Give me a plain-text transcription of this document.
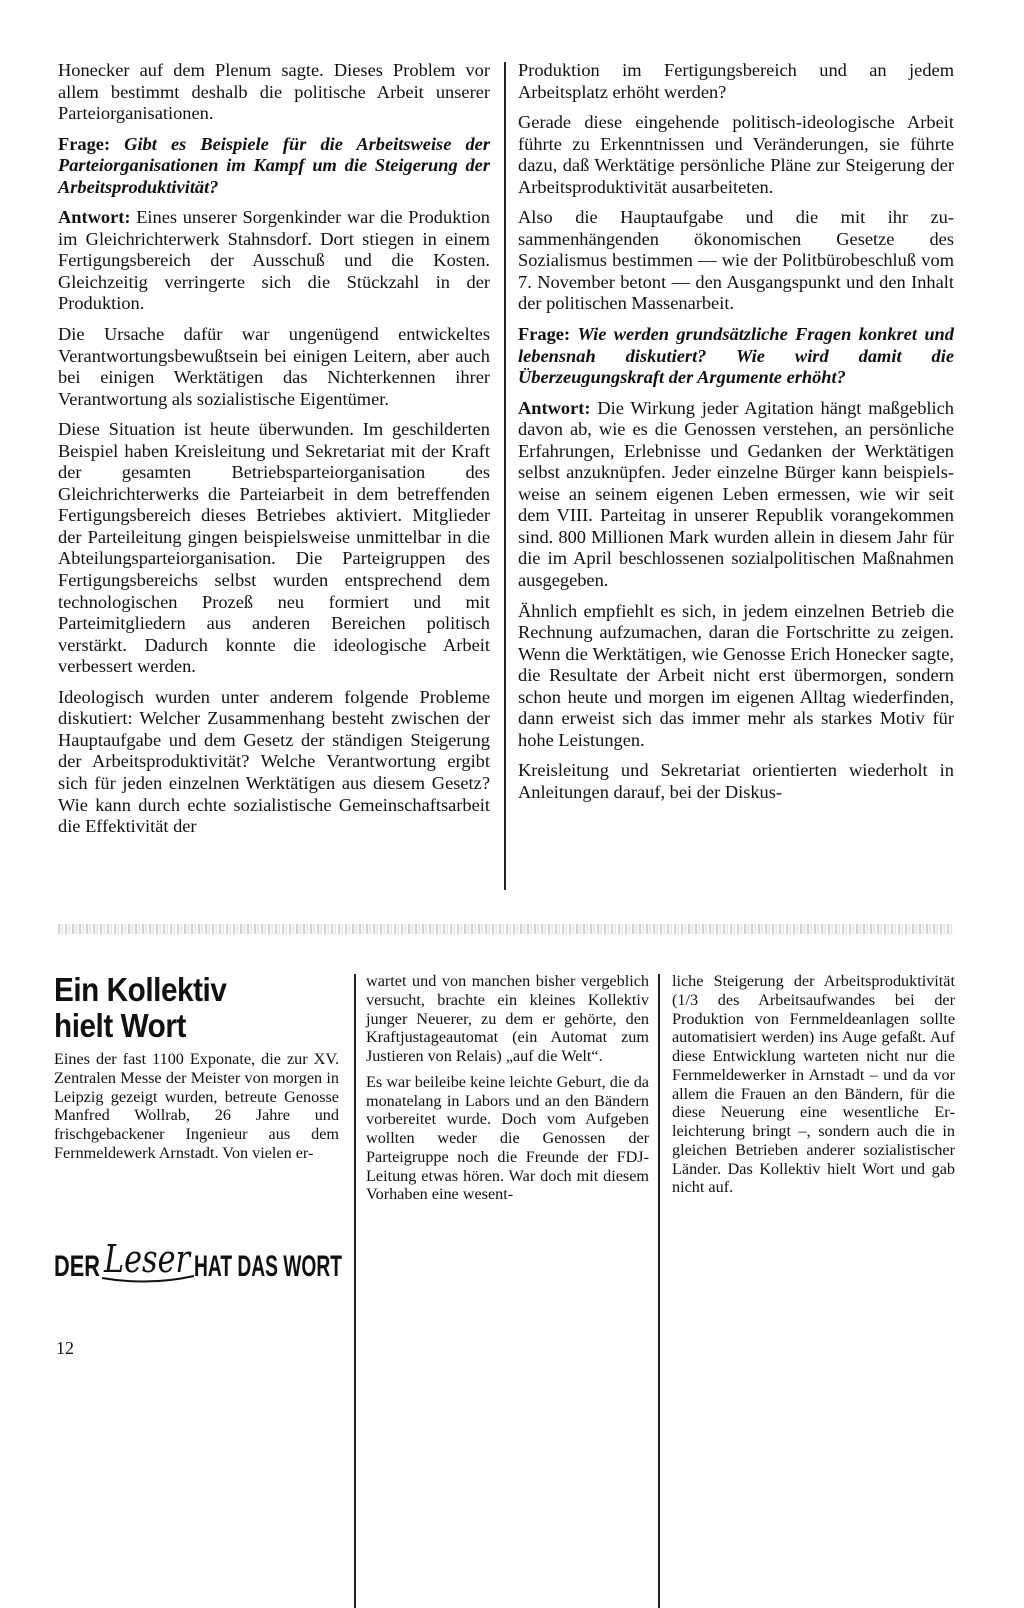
Honecker auf dem Plenum sagte. Dieses Problem vor allem bestimmt deshalb die politische Arbeit unserer Parteiorganisationen.

Frage: Gibt es Beispiele für die Arbeitsweise der Parteiorganisationen im Kampf um die Steigerung der Arbeitsproduktivität?

Antwort: Eines unserer Sorgenkinder war die Produktion im Gleichrichterwerk Stahnsdorf. Dort stiegen in einem Fertigungsbereich der Ausschuß und die Kosten. Gleichzeitig verringerte sich die Stückzahl in der Produktion.

Die Ursache dafür war ungenügend entwickeltes Verantwortungsbewußtsein bei einigen Leitern, aber auch bei einigen Werktätigen das Nichterkennen ihrer Verantwortung als sozialistische Eigentümer.

Diese Situation ist heute überwunden. Im geschilderten Beispiel haben Kreisleitung und Sekretariat mit der Kraft der gesamten Betriebsparteiorganisation des Gleichrichterwerks die Parteiarbeit in dem betreffenden Fertigungsbereich dieses Betriebes aktiviert. Mitglieder der Parteileitung gingen beispielsweise unmittelbar in die Abteilungsparteiorganisation. Die Parteigruppen des Fertigungsbereichs selbst wurden entsprechend dem technologischen Prozeß neu formiert und mit Parteimitgliedern aus anderen Bereichen politisch verstärkt. Dadurch konnte die ideologische Arbeit verbessert werden.

Ideologisch wurden unter anderem folgende Probleme diskutiert: Welcher Zusammenhang besteht zwischen der Hauptaufgabe und dem Gesetz der ständigen Steigerung der Arbeitsproduktivität? Welche Verantwortung ergibt sich für jeden einzelnen Werktätigen aus diesem Gesetz? Wie kann durch echte sozialistische Gemeinschaftsarbeit die Effektivität der

Produktion im Fertigungsbereich und an jedem Arbeitsplatz erhöht werden?

Gerade diese eingehende politisch-ideologische Arbeit führte zu Erkenntnissen und Veränderungen, sie führte dazu, daß Werktätige persönliche Pläne zur Steigerung der Arbeitsproduktivität ausarbeiteten.

Also die Hauptaufgabe und die mit ihr zusammenhängenden ökonomischen Gesetze des Sozialismus bestimmen — wie der Politbürobeschluß vom 7. November betont — den Ausgangspunkt und den Inhalt der politischen Massenarbeit.

Frage: Wie werden grundsätzliche Fragen konkret und lebensnah diskutiert? Wie wird damit die Überzeugungskraft der Argumente erhöht?

Antwort: Die Wirkung jeder Agitation hängt maßgeblich davon ab, wie es die Genossen verstehen, an persönliche Erfahrungen, Erlebnisse und Gedanken der Werktätigen selbst anzuknüpfen. Jeder einzelne Bürger kann beispielsweise an seinem eigenen Leben ermessen, wie wir seit dem VIII. Parteitag in unserer Republik vorangekommen sind. 800 Millionen Mark wurden allein in diesem Jahr für die im April beschlossenen sozialpolitischen Maßnahmen ausgegeben.

Ähnlich empfiehlt es sich, in jedem einzelnen Betrieb die Rechnung aufzumachen, daran die Fortschritte zu zeigen. Wenn die Werktätigen, wie Genosse Erich Honecker sagte, die Resultate der Arbeit nicht erst übermorgen, sondern schon heute und morgen im eigenen Alltag wiederfinden, dann erweist sich das immer mehr als starkes Motiv für hohe Leistungen.

Kreisleitung und Sekretariat orientierten wiederholt in Anleitungen darauf, bei der Diskus-

Ein Kollektiv
hielt Wort

Eines der fast 1100 Exponate, die zur XV. Zentralen Messe der Meister von morgen in Leipzig gezeigt wurden, betreute Genosse Manfred Wollrab, 26 Jahre und frischgebackener Ingenieur aus dem Fernmeldewerk Arnstadt. Von vielen er-

wartet und von manchen bisher vergeblich versucht, brachte ein kleines Kollektiv junger Neuerer, zu dem er gehörte, den Kraftjustageautomat (ein Automat zum Justieren von Relais) „auf die Welt“.

Es war beileibe keine leichte Geburt, die da monatelang in Labors und an den Bändern vorbereitet wurde. Doch vom Aufgeben wollten weder die Genossen der Parteigruppe noch die Freunde der FDJ-Leitung etwas hören. War doch mit diesem Vorhaben eine wesent-

liche Steigerung der Arbeitsproduktivität (1/3 des Arbeitsaufwandes bei der Produktion von Fernmeldeanlagen sollte automatisiert werden) ins Auge gefaßt. Auf diese Entwicklung warteten nicht nur die Fernmeldewerker in Arnstadt – und da vor allem die Frauen an den Bändern, für die diese Neuerung eine wesentliche Erleichterung bringt –, sondern auch die in gleichen Betrieben anderer sozialistischer Länder. Das Kollektiv hielt Wort und gab nicht auf.

DER Leser HAT DAS WORT
12
